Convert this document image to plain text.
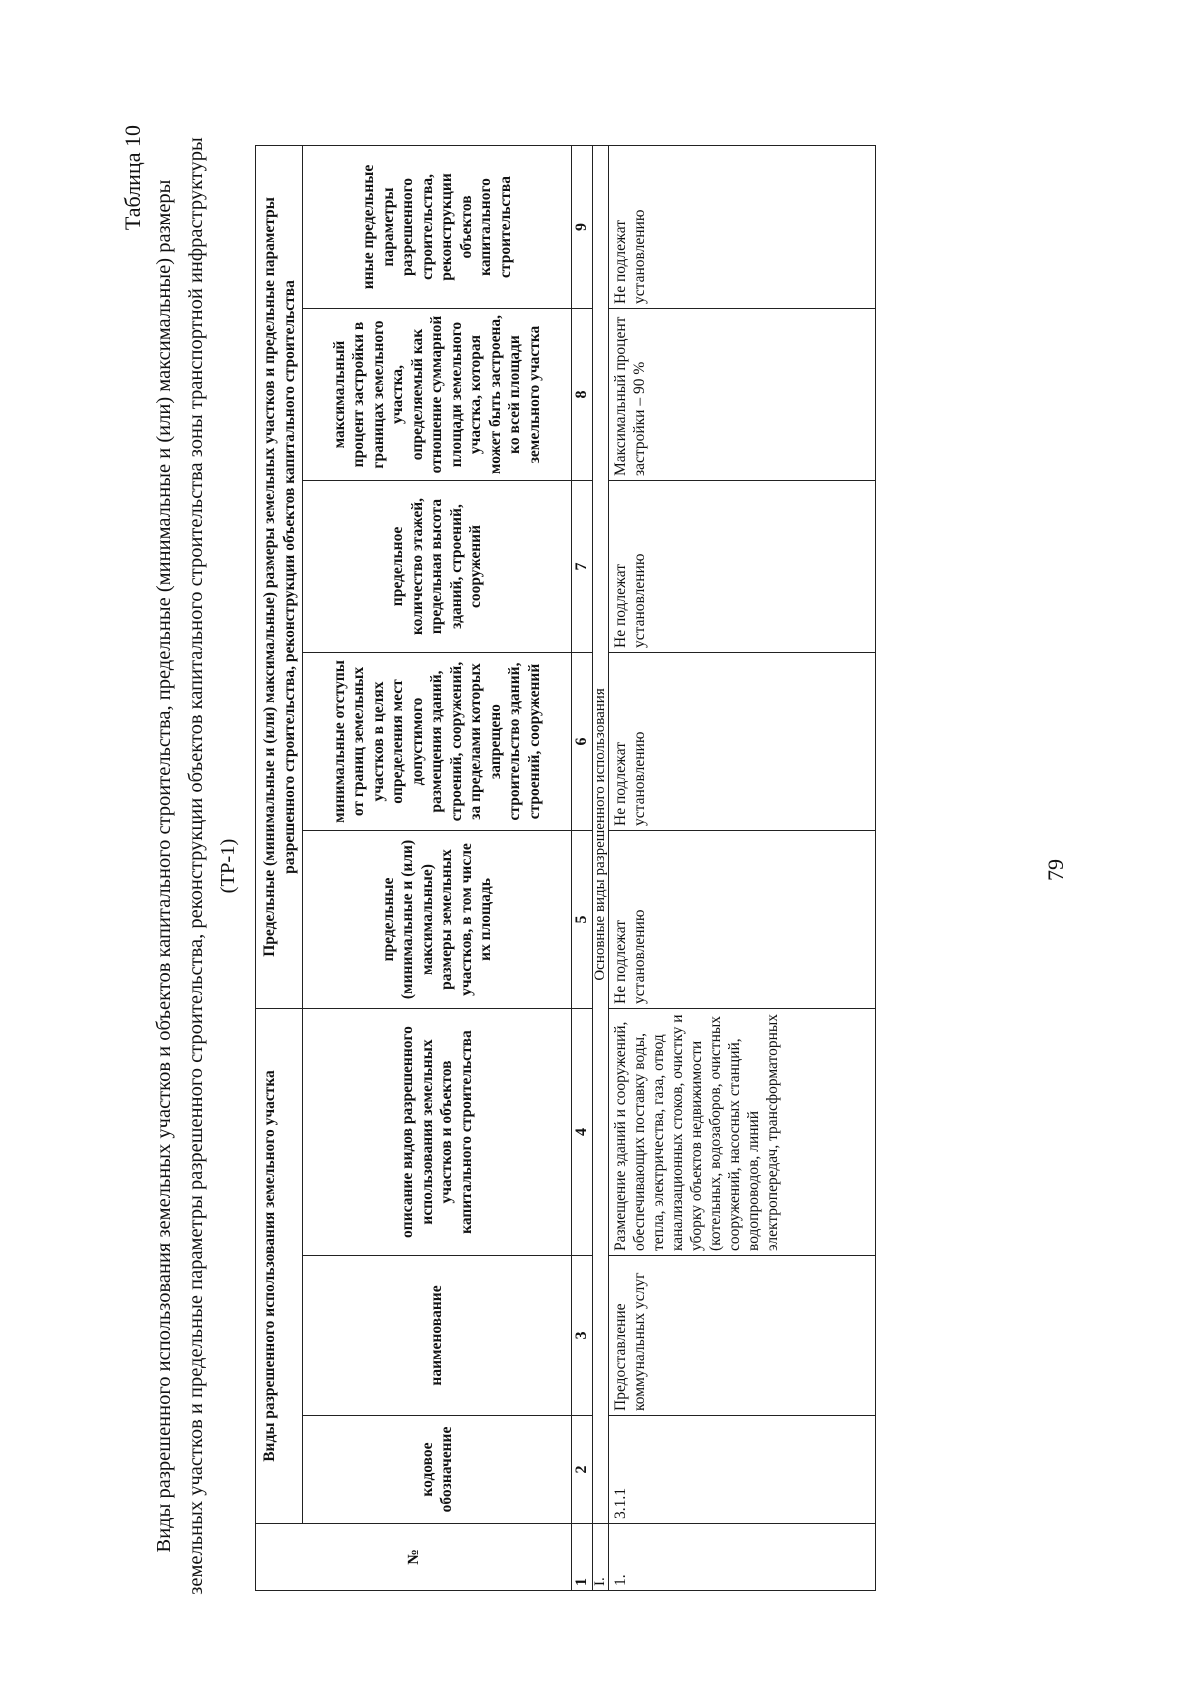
79
Таблица 10
Виды разрешенного использования земельных участков и объектов капитального строительства, предельные (минимальные и (или) максимальные) размеры земельных участков и предельные параметры разрешенного строительства, реконструкции объектов капитального строительства зоны транспортной инфраструктуры (ТР-1)
№	Виды разрешенного использования земельного участка			Предельные (минимальные и (или) максимальные) размеры земельных участков и предельные параметры разрешенного строительства, реконструкции объектов капитального строительства				
	кодовое обозначение	наименование	описание видов разрешенного использования земельных участков и объектов капитального строительства	предельные (минимальные и (или) максимальные) размеры земельных участков, в том числе их площадь	минимальные отступы от границ земельных участков в целях определения мест допустимого размещения зданий, строений, сооружений, за пределами которых запрещено строительство зданий, строений, сооружений	предельное количество этажей, предельная высота зданий, строений, сооружений	максимальный процент застройки в границах земельного участка, определяемый как отношение суммарной площади земельного участка, которая может быть застроена, ко всей площади земельного участка	иные предельные параметры разрешенного строительства, реконструкции объектов капитального строительства
1	2	3	4	5	6	7	8	9
I.	Основные виды разрешенного использования							
1.	3.1.1	Предоставление коммунальных услуг	Размещение зданий и сооружений, обеспечивающих поставку воды, тепла, электричества, газа, отвод канализационных стоков, очистку и уборку объектов недвижимости (котельных, водозаборов, очистных сооружений, насосных станций, водопроводов, линий электропередач, трансформаторных	Не подлежат установлению	Не подлежат установлению	Не подлежат установлению	Максимальный процент застройки – 90 %	Не подлежат установлению
